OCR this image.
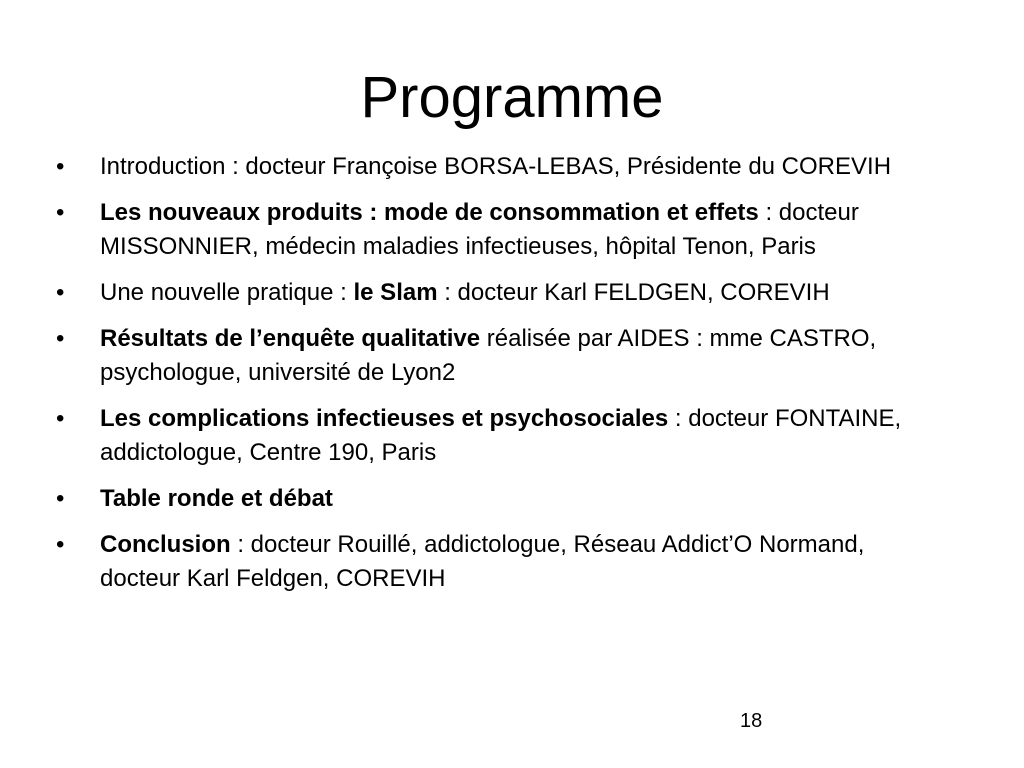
Programme
•	Introduction : docteur Françoise BORSA-LEBAS, Présidente du COREVIH
•	Les nouveaux produits : mode de consommation et effets : docteur MISSONNIER, médecin maladies infectieuses, hôpital Tenon, Paris
•	Une nouvelle pratique : le Slam : docteur Karl FELDGEN, COREVIH
•	Résultats de l’enquête qualitative réalisée par AIDES : mme CASTRO, psychologue, université de Lyon2
•	Les complications infectieuses et psychosociales : docteur FONTAINE, addictologue, Centre 190, Paris
•	Table ronde et débat
•	Conclusion : docteur Rouillé, addictologue, Réseau Addict’O Normand, docteur Karl Feldgen, COREVIH
18
